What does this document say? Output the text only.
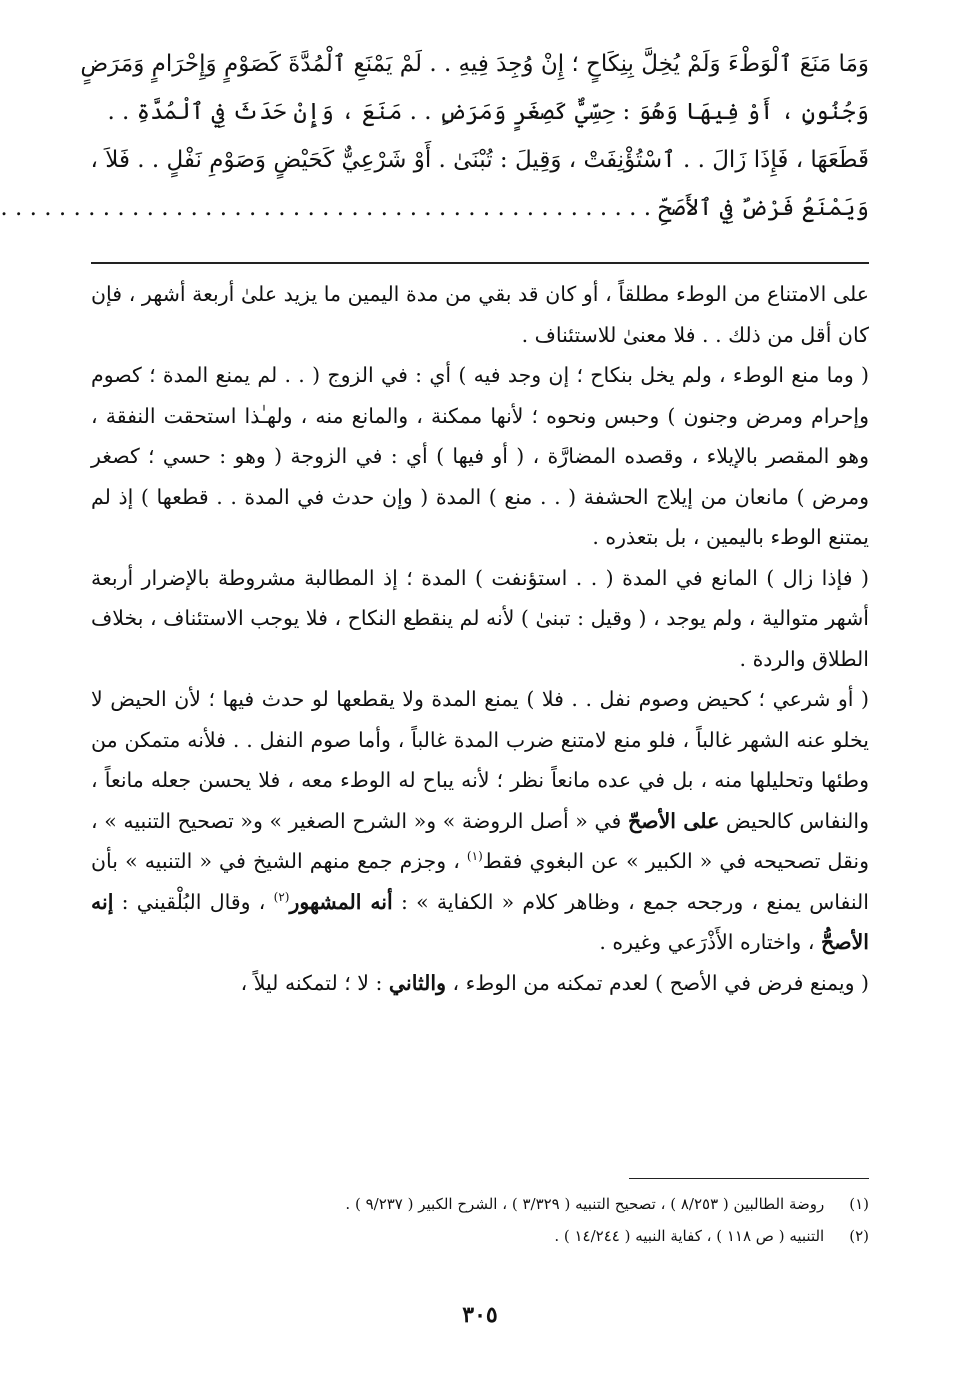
وَمَا مَنَعَ ٱلْوَطْءَ وَلَمْ يُخِلَّ بِنِكَاحٍ ؛ إِنْ وُجِدَ فِيهِ . . لَمْ يَمْنَعِ ٱلْمُدَّةَ كَصَوْمٍ وَإِحْرَامٍ وَمَرَضٍ
وَجُنُونٍ ، أَوْ فِيهَا وَهُوَ : حِسِّيٌّ كَصِغَرٍ وَمَرَضٍ . . مَنَعَ ، وَإِنْ حَدَثَ فِي ٱلْمُدَّةِ . .
قَطَعَهَا ، فَإِذَا زَالَ . . ٱسْتُؤْنِفَتْ ، وَقِيلَ : تُبْنَىٰ . أَوْ شَرْعِيٌّ كَحَيْضٍ وَصَوْمِ نَفْلٍ . . فَلاَ ،
وَيَمْنَعُ فَرْضٌ فِي ٱلأَصَحِّ . . . . . . . . . . . . . . . . . . . . . . . . . . . . . . . . . . . . . . . . . . . . .

على الامتناع من الوطء مطلقاً ، أو كان قد بقي من مدة اليمين ما يزيد علىٰ أربعة أشهر ، فإن كان أقل من ذلك . . فلا معنىٰ للاستئناف .

( وما منع الوطء ، ولم يخل بنكاح ؛ إن وجد فيه ) أي : في الزوج ( . . لم يمنع المدة ؛ كصوم وإحرام ومرض وجنون ) وحبس ونحوه ؛ لأنها ممكنة ، والمانع منه ، ولهـٰذا استحقت النفقة ، وهو المقصر بالإيلاء ، وقصده المضارَّة ، ( أو فيها ) أي : في الزوجة ( وهو : حسي ؛ كصغر ومرض ) مانعان من إيلاج الحشفة ( . . منع ) المدة ( وإن حدث في المدة . . قطعها ) إذ لم يمتنع الوطء باليمين ، بل بتعذره .

( فإذا زال ) المانع في المدة ( . . استؤنفت ) المدة ؛ إذ المطالبة مشروطة بالإضرار أربعة أشهر متوالية ، ولم يوجد ، ( وقيل : تبنىٰ ) لأنه لم ينقطع النكاح ، فلا يوجب الاستئناف ، بخلاف الطلاق والردة .

( أو شرعي ؛ كحيض وصوم نفل . . فلا ) يمنع المدة ولا يقطعها لو حدث فيها ؛ لأن الحيض لا يخلو عنه الشهر غالباً ، فلو منع لامتنع ضرب المدة غالباً ، وأما صوم النفل . . فلأنه متمكن من وطئها وتحليلها منه ، بل في عده مانعاً نظر ؛ لأنه يباح له الوطء معه ، فلا يحسن جعله مانعاً ، والنفاس كالحيض على الأصحّ في « أصل الروضة » و« الشرح الصغير » و« تصحيح التنبيه » ، ونقل تصحيحه في « الكبير » عن البغوي فقط$^{(١)}$ ، وجزم جمع منهم الشيخ في « التنبيه » بأن النفاس يمنع ، ورجحه جمع ، وظاهر كلام « الكفاية » : أنه المشهور$^{(٢)}$ ، وقال البُلْقيني : إنه الأصحُّ ، واختاره الأَذْرَعي وغيره .

( ويمنع فرض في الأصح ) لعدم تمكنه من الوطء ، والثاني : لا ؛ لتمكنه ليلاً ،

(١) روضة الطالبين ( ٨/٢٥٣ ) ، تصحيح التنبيه ( ٣/٣٢٩ ) ، الشرح الكبير ( ٩/٢٣٧ ) .
(٢) التنبيه ( ص ١١٨ ) ، كفاية النبيه ( ١٤/٢٤٤ ) .
٣٠٥
